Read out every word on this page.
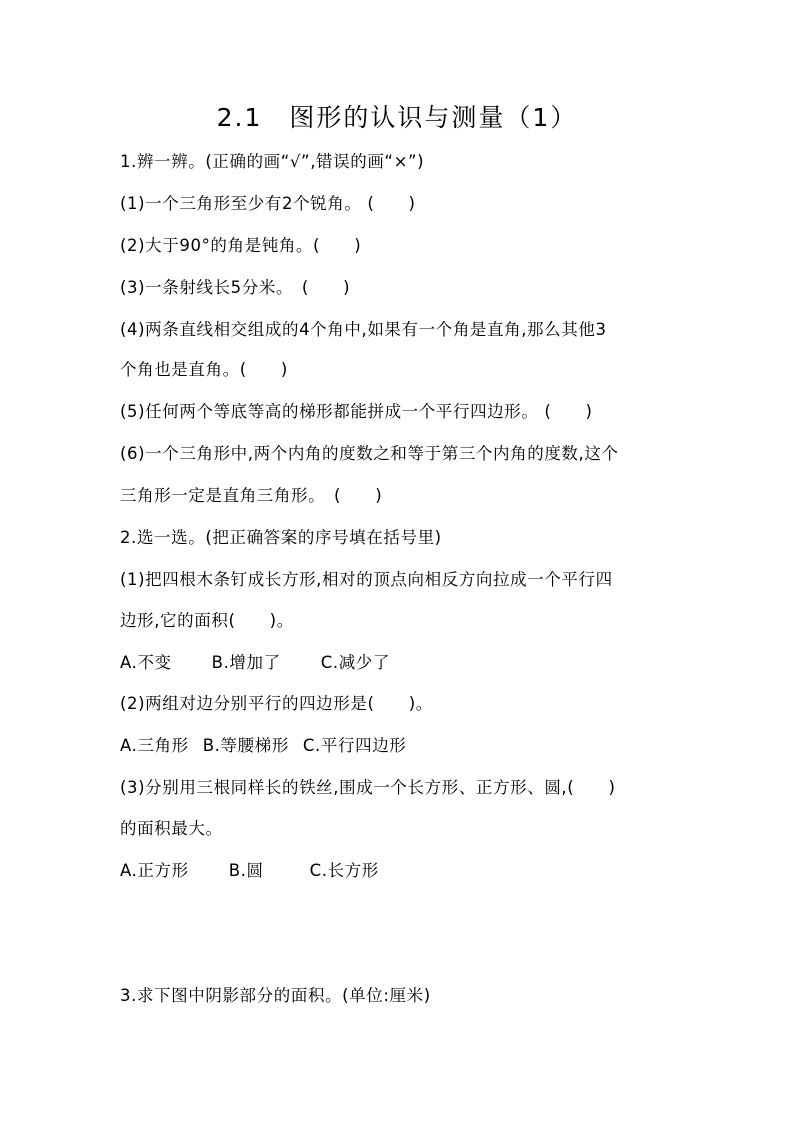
2.1　图形的认识与测量（1）
1.辨一辨。(正确的画“√”,错误的画“×”)
(1)一个三角形至少有2个锐角。 (　　)
(2)大于90°的角是钝角。(　　)
(3)一条射线长5分米。　(　　)
(4)两条直线相交组成的4个角中,如果有一个角是直角,那么其他3
个角也是直角。(　　)
(5)任何两个等底等高的梯形都能拼成一个平行四边形。 (　　)
(6)一个三角形中,两个内角的度数之和等于第三个内角的度数,这个
三角形一定是直角三角形。　(　　)
2.选一选。(把正确答案的序号填在括号里)
(1)把四根木条钉成长方形,相对的顶点向相反方向拉成一个平行四
边形,它的面积(　　)。
A.不变 B.增加了 C.减少了
(2)两组对边分别平行的四边形是(　　)。
A.三角形 B.等腰梯形 C.平行四边形
(3)分别用三根同样长的铁丝,围成一个长方形、正方形、圆,(　　)
的面积最大。
A.正方形 B.圆	C.长方形
3.求下图中阴影部分的面积。(单位:厘米)
